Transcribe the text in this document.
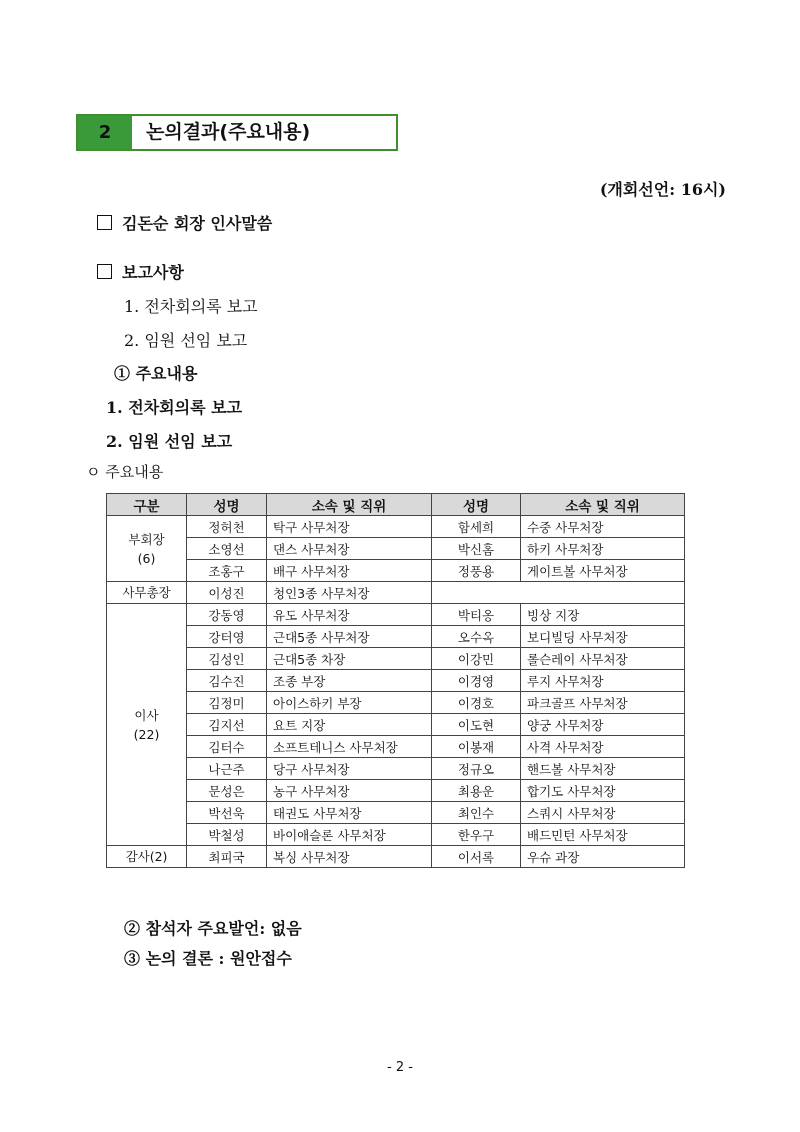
2	논의결과(주요내용)
(개회선언: 16시)
김돈순 회장 인사말씀
보고사항
1. 전차회의록 보고
2. 임원 선임 보고
① 주요내용
1. 전차회의록 보고
2. 임원 선임 보고
ㅇ 주요내용
구분	성명	소속 및 직위	성명	소속 및 직위
부회장
(6)	정허천	탁구 사무처장	함세희	수중 사무처장
	소영선	댄스 사무처장	박신홈	하키 사무처장
	조홍구	배구 사무처장	정풍용	게이트볼 사무처장
사무총장	이성진	청인3종 사무처장		
이사
(22)	강동영	유도 사무처장	박티옹	빙상 지장
	강터영	근대5종 사무처장	오수옥	보디빌딩 사무처장
	김성인	근대5종 차장	이강민	롤슨레이 사무처장
	김수진	조종 부장	이경영	루지 사무처장
	김정미	아이스하키 부장	이경호	파크골프 사무처장
	김지선	요트 지장	이도현	양궁 사무처장
	김터수	소프트테니스 사무처장	이봉재	사격 사무처장
	나근주	당구 사무처장	정규오	핸드볼 사무처장
	문성은	농구 사무처장	최용운	합기도 사무처장
	박선욱	태권도 사무처장	최인수	스쿼시 사무처장
	박철성	바이애슬론 사무처장	한우구	배드민턴 사무처장
감사(2)	최피국	복싱 사무처장	이서록	우슈 과장
② 참석자 주요발언: 없음
③ 논의 결론 : 원안접수
- 2 -
